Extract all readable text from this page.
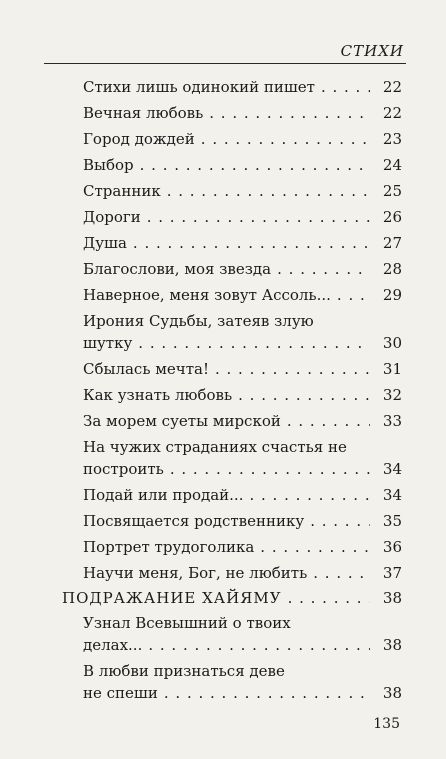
СТИХИ
Стихи лишь одинокий пишет . . .	22
Вечная любовь . . .	22
Город дождей . . .	23
Выбор . . .	24
Странник . . .	25
Дороги . . .	26
Душа . . .	27
Благослови, моя звезда . . .	28
Наверное, меня зовут Ассоль... . . .	29
Ирония Судьбы, затеяв злую
шутку . . .	30
Сбылась мечта! . . .	31
Как узнать любовь . . .	32
За морем суеты мирской . . .	33
На чужих страданиях счастья не
построить . . .	34
Подай или продай... . . .	34
Посвящается родственнику . . .	35
Портрет трудоголика . . .	36
Научи меня, Бог, не любить . . .	37
ПОДРАЖАНИЕ ХАЙЯМУ . . .	38
Узнал Всевышний о твоих
делах... . . .	38
В любви признаться деве
не спеши . . .	38
135
